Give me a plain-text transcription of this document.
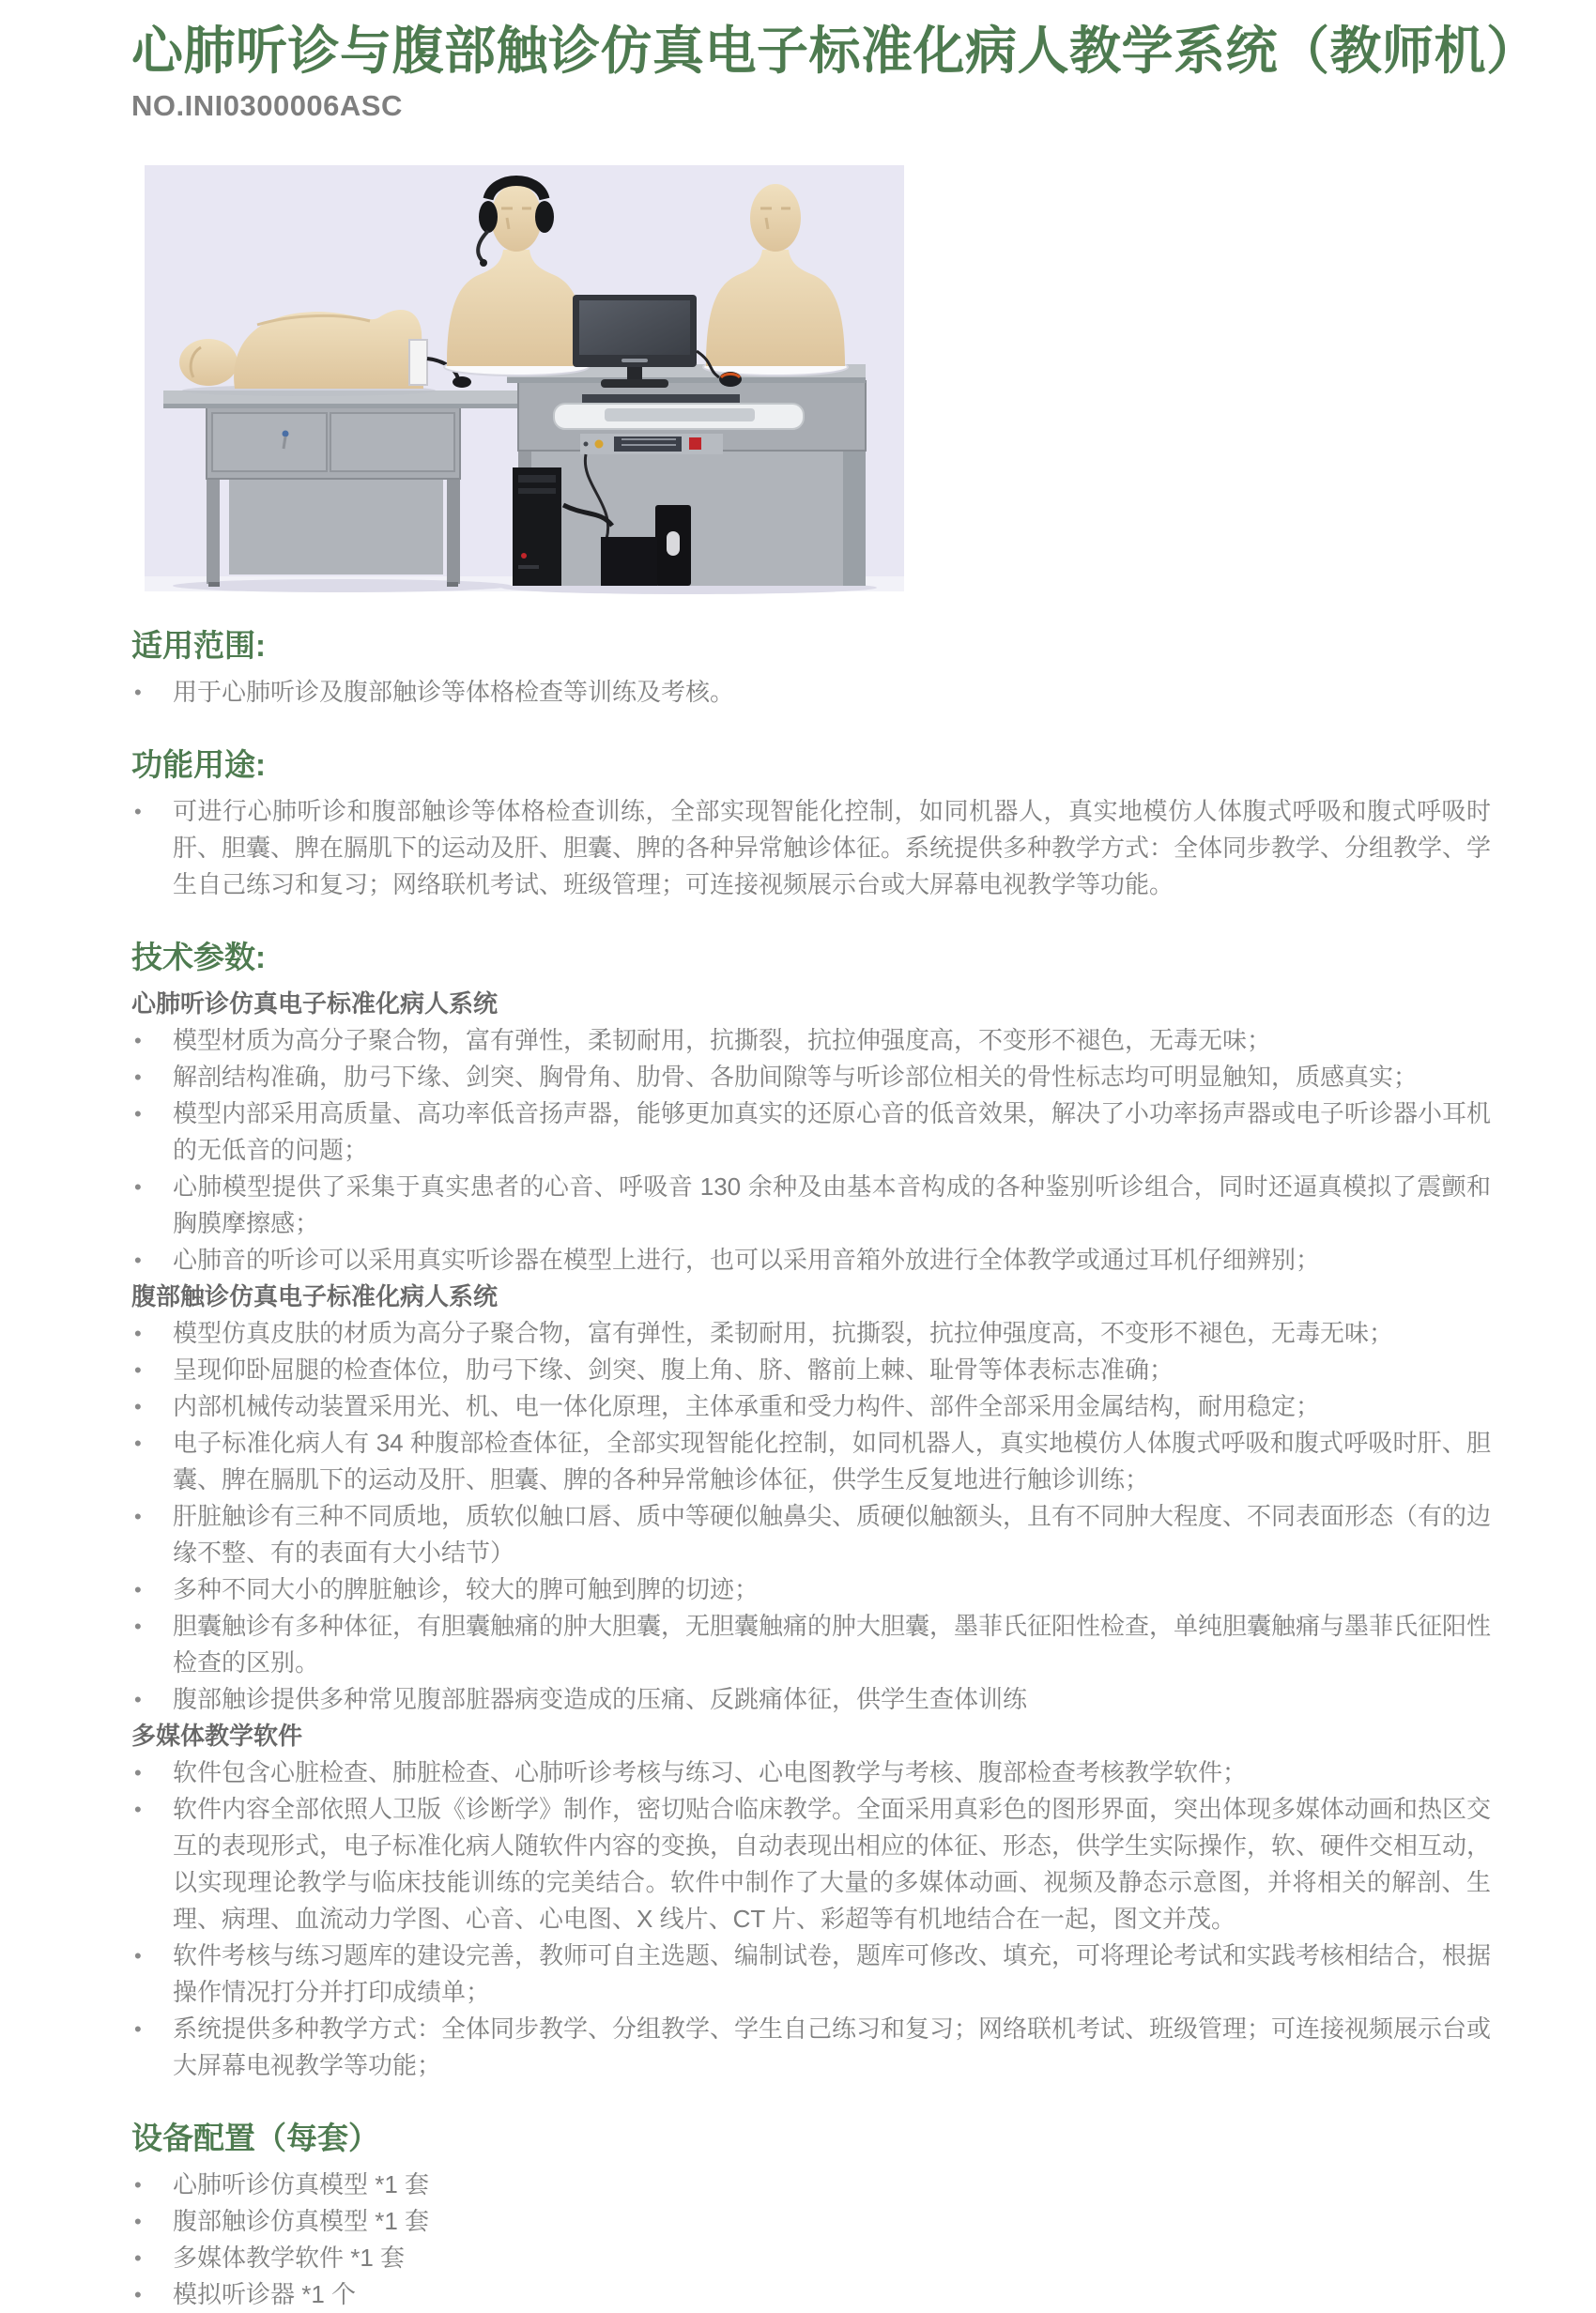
心肺听诊与腹部触诊仿真电子标准化病人教学系统（教师机）
NO.INI0300006ASC
适用范围:
• 用于心肺听诊及腹部触诊等体格检查等训练及考核。
功能用途:
• 可进行心肺听诊和腹部触诊等体格检查训练，全部实现智能化控制，如同机器人，真实地模仿人体腹式呼吸和腹式呼吸时肝、胆囊、脾在膈肌下的运动及肝、胆囊、脾的各种异常触诊体征。系统提供多种教学方式：全体同步教学、分组教学、学生自己练习和复习；网络联机考试、班级管理；可连接视频展示台或大屏幕电视教学等功能。
技术参数:
心肺听诊仿真电子标准化病人系统
• 模型材质为高分子聚合物，富有弹性，柔韧耐用，抗撕裂，抗拉伸强度高，不变形不褪色，无毒无味；
• 解剖结构准确，肋弓下缘、剑突、胸骨角、肋骨、各肋间隙等与听诊部位相关的骨性标志均可明显触知，质感真实；
• 模型内部采用高质量、高功率低音扬声器，能够更加真实的还原心音的低音效果，解决了小功率扬声器或电子听诊器小耳机的无低音的问题；
• 心肺模型提供了采集于真实患者的心音、呼吸音 130 余种及由基本音构成的各种鉴别听诊组合，同时还逼真模拟了震颤和胸膜摩擦感；
• 心肺音的听诊可以采用真实听诊器在模型上进行，也可以采用音箱外放进行全体教学或通过耳机仔细辨别；
腹部触诊仿真电子标准化病人系统
• 模型仿真皮肤的材质为高分子聚合物，富有弹性，柔韧耐用，抗撕裂，抗拉伸强度高，不变形不褪色，无毒无味；
• 呈现仰卧屈腿的检查体位，肋弓下缘、剑突、腹上角、脐、髂前上棘、耻骨等体表标志准确；
• 内部机械传动装置采用光、机、电一体化原理，主体承重和受力构件、部件全部采用金属结构，耐用稳定；
• 电子标准化病人有 34 种腹部检查体征，全部实现智能化控制，如同机器人，真实地模仿人体腹式呼吸和腹式呼吸时肝、胆囊、脾在膈肌下的运动及肝、胆囊、脾的各种异常触诊体征，供学生反复地进行触诊训练；
• 肝脏触诊有三种不同质地，质软似触口唇、质中等硬似触鼻尖、质硬似触额头，且有不同肿大程度、不同表面形态（有的边缘不整、有的表面有大小结节）
• 多种不同大小的脾脏触诊，较大的脾可触到脾的切迹；
• 胆囊触诊有多种体征，有胆囊触痛的肿大胆囊，无胆囊触痛的肿大胆囊，墨菲氏征阳性检查，单纯胆囊触痛与墨菲氏征阳性检查的区别。
• 腹部触诊提供多种常见腹部脏器病变造成的压痛、反跳痛体征，供学生查体训练
多媒体教学软件
• 软件包含心脏检查、肺脏检查、心肺听诊考核与练习、心电图教学与考核、腹部检查考核教学软件；
• 软件内容全部依照人卫版《诊断学》制作，密切贴合临床教学。全面采用真彩色的图形界面，突出体现多媒体动画和热区交互的表现形式，电子标准化病人随软件内容的变换，自动表现出相应的体征、形态，供学生实际操作，软、硬件交相互动，以实现理论教学与临床技能训练的完美结合。软件中制作了大量的多媒体动画、视频及静态示意图，并将相关的解剖、生理、病理、血流动力学图、心音、心电图、X 线片、CT 片、彩超等有机地结合在一起，图文并茂。
• 软件考核与练习题库的建设完善，教师可自主选题、编制试卷，题库可修改、填充，可将理论考试和实践考核相结合，根据操作情况打分并打印成绩单；
• 系统提供多种教学方式：全体同步教学、分组教学、学生自己练习和复习；网络联机考试、班级管理；可连接视频展示台或大屏幕电视教学等功能；
设备配置（每套）
• 心肺听诊仿真模型 *1 套
• 腹部触诊仿真模型 *1 套
• 多媒体教学软件 *1 套
• 模拟听诊器 *1 个
